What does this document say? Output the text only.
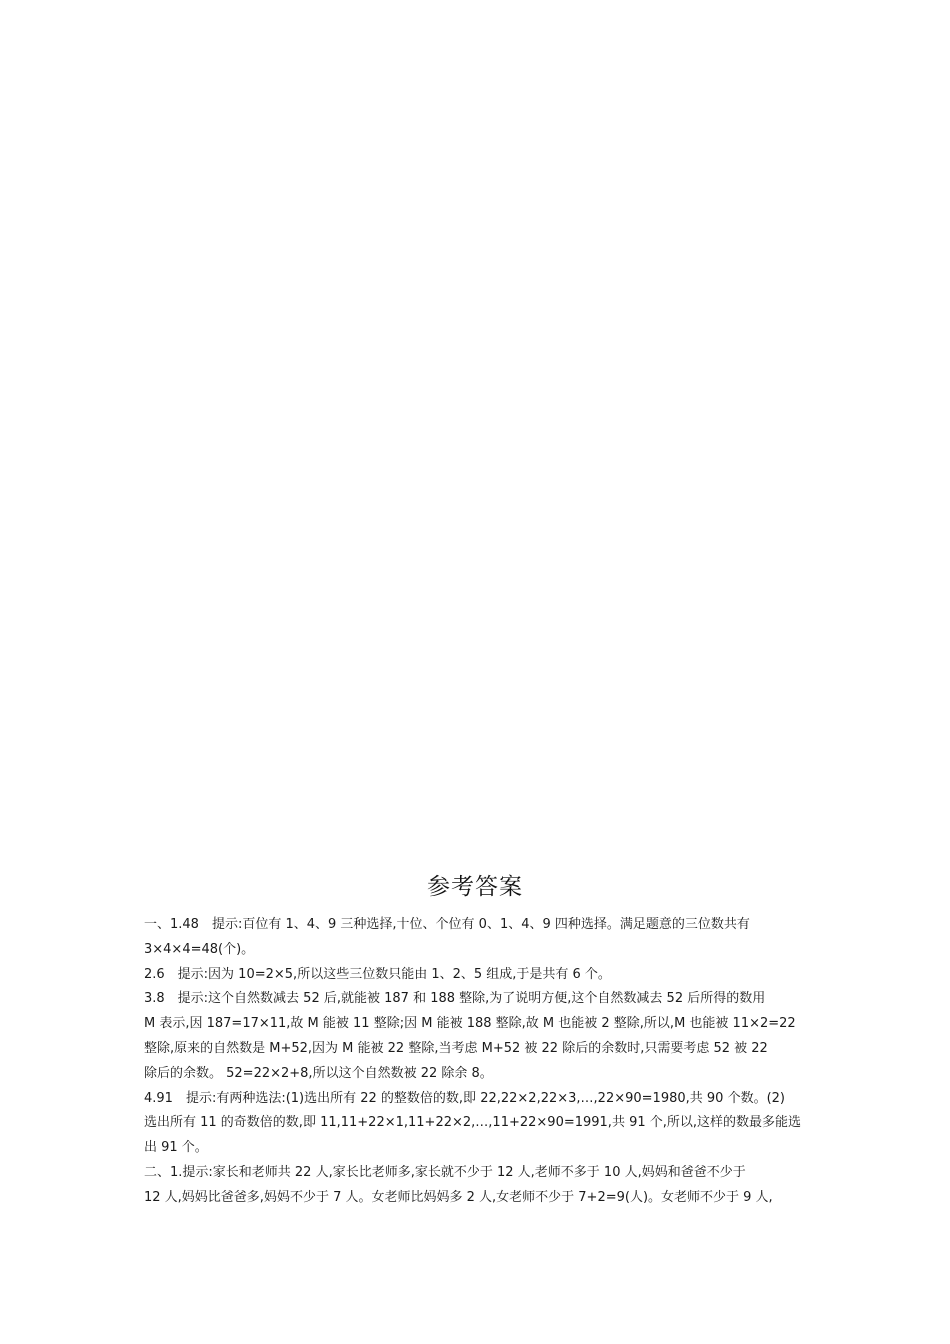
参考答案
一、1.48　提示:百位有 1、4、9 三种选择,十位、个位有 0、1、4、9 四种选择。满足题意的三位数共有
3×4×4=48(个)。
2.6　提示:因为 10=2×5,所以这些三位数只能由 1、2、5 组成,于是共有 6 个。
3.8　提示:这个自然数减去 52 后,就能被 187 和 188 整除,为了说明方便,这个自然数减去 52 后所得的数用
M 表示,因 187=17×11,故 M 能被 11 整除;因 M 能被 188 整除,故 M 也能被 2 整除,所以,M 也能被 11×2=22
整除,原来的自然数是 M+52,因为 M 能被 22 整除,当考虑 M+52 被 22 除后的余数时,只需要考虑 52 被 22
除后的余数。 52=22×2+8,所以这个自然数被 22 除余 8。
4.91　提示:有两种选法:(1)选出所有 22 的整数倍的数,即 22,22×2,22×3,…,22×90=1980,共 90 个数。(2)
选出所有 11 的奇数倍的数,即 11,11+22×1,11+22×2,…,11+22×90=1991,共 91 个,所以,这样的数最多能选
出 91 个。
二、1.提示:家长和老师共 22 人,家长比老师多,家长就不少于 12 人,老师不多于 10 人,妈妈和爸爸不少于
12 人,妈妈比爸爸多,妈妈不少于 7 人。女老师比妈妈多 2 人,女老师不少于 7+2=9(人)。女老师不少于 9 人,
